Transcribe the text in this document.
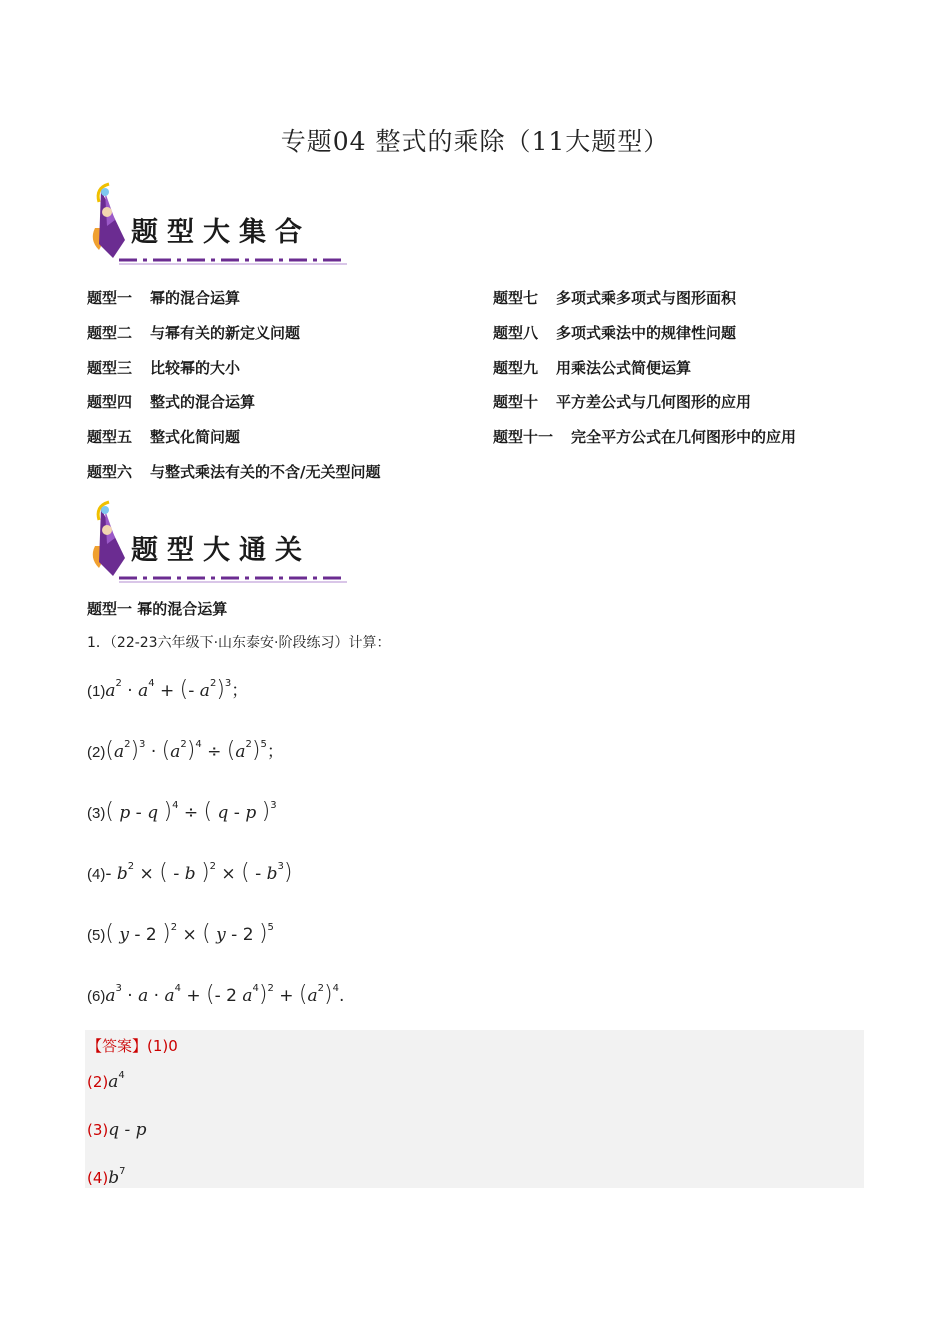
专题04 整式的乘除（11大题型）
题型大集合
题型一 幂的混合运算
题型二 与幂有关的新定义问题
题型三 比较幂的大小
题型四 整式的混合运算
题型五 整式化简问题
题型六 与整式乘法有关的不含/无关型问题
题型七 多项式乘多项式与图形面积
题型八 多项式乘法中的规律性问题
题型九 用乘法公式简便运算
题型十 平方差公式与几何图形的应用
题型十一 完全平方公式在几何图形中的应用
题型大通关
题型一 幂的混合运算
1．（22-23六年级下·山东泰安·阶段练习）计算：
$(1)a^2 \cdot a^4$ + (- $a^2)^3$；
$(2)(a^2)^3 \cdot (a^2)^4 \div (a^2)^5$；
(3)( p - q )$^4$ ÷ ( q - p )$^3$
(4)- $b^2$ × ( - b )$^2$ × ( - $b^3$)
(5)( y - 2 )$^2$ × ( y - 2 )$^5$
$(6)a^3 \cdot a \cdot a^4$ + (- 2 $a^4)^2 + (a^2)^4$.
【答案】(1)0
$(2)a^4$
(3)q - p
$(4)b^7$
